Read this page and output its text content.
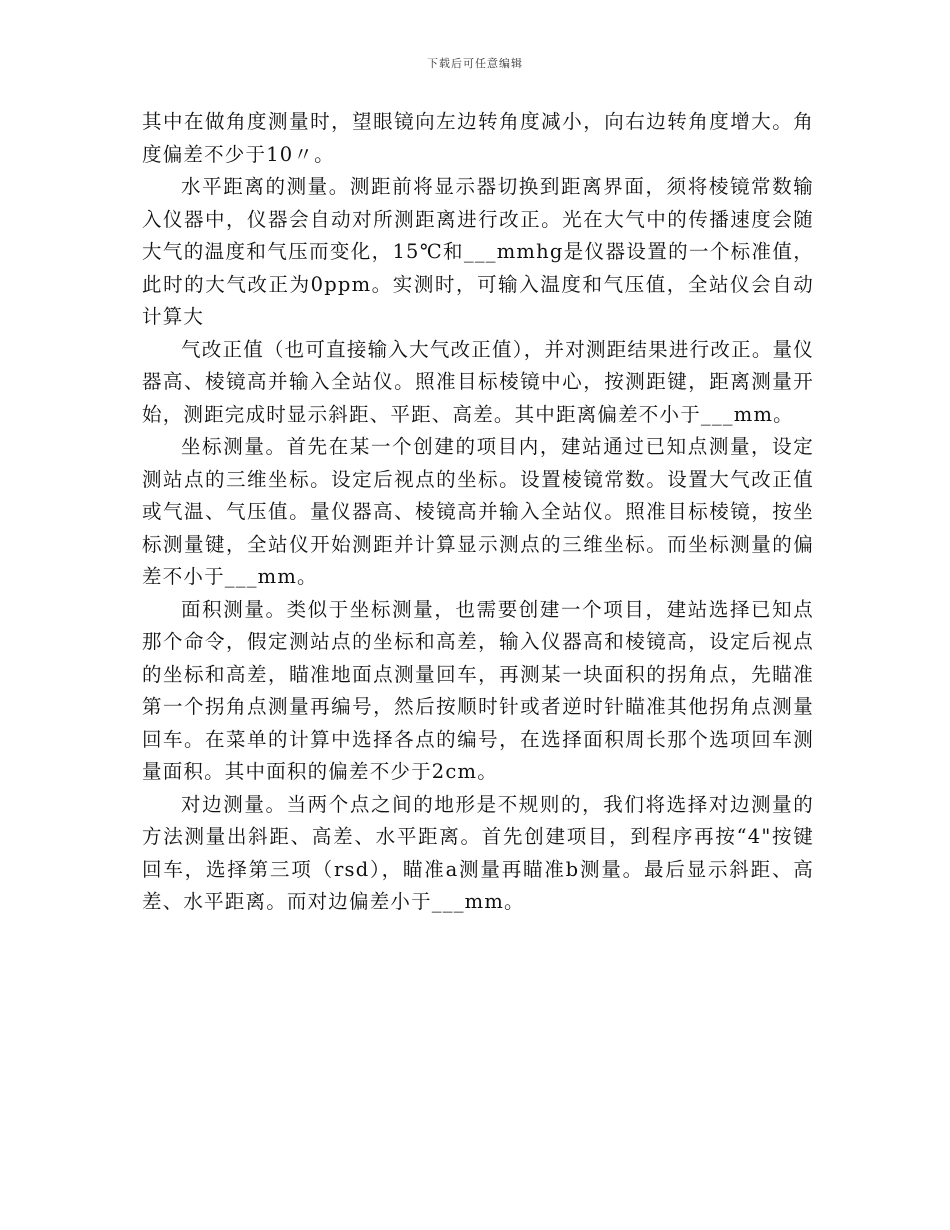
下载后可任意编辑

其中在做角度测量时，望眼镜向左边转角度减小，向右边转角度增大。角度偏差不少于10〃。

水平距离的测量。测距前将显示器切换到距离界面，须将棱镜常数输入仪器中，仪器会自动对所测距离进行改正。光在大气中的传播速度会随大气的温度和气压而变化，15℃和___mmhg是仪器设置的一个标准值，此时的大气改正为0ppm。实测时，可输入温度和气压值，全站仪会自动计算大

气改正值（也可直接输入大气改正值），并对测距结果进行改正。量仪器高、棱镜高并输入全站仪。照准目标棱镜中心，按测距键，距离测量开始，测距完成时显示斜距、平距、高差。其中距离偏差不小于___mm。

坐标测量。首先在某一个创建的项目内，建站通过已知点测量，设定测站点的三维坐标。设定后视点的坐标。设置棱镜常数。设置大气改正值或气温、气压值。量仪器高、棱镜高并输入全站仪。照准目标棱镜，按坐标测量键，全站仪开始测距并计算显示测点的三维坐标。而坐标测量的偏差不小于___mm。

面积测量。类似于坐标测量，也需要创建一个项目，建站选择已知点那个命令，假定测站点的坐标和高差，输入仪器高和棱镜高，设定后视点的坐标和高差，瞄准地面点测量回车，再测某一块面积的拐角点，先瞄准第一个拐角点测量再编号，然后按顺时针或者逆时针瞄准其他拐角点测量回车。在菜单的计算中选择各点的编号，在选择面积周长那个选项回车测量面积。其中面积的偏差不少于2cm。

对边测量。当两个点之间的地形是不规则的，我们将选择对边测量的方法测量出斜距、高差、水平距离。首先创建项目，到程序再按“4"按键回车，选择第三项（rsd），瞄准a测量再瞄准b测量。最后显示斜距、高差、水平距离。而对边偏差小于___mm。
